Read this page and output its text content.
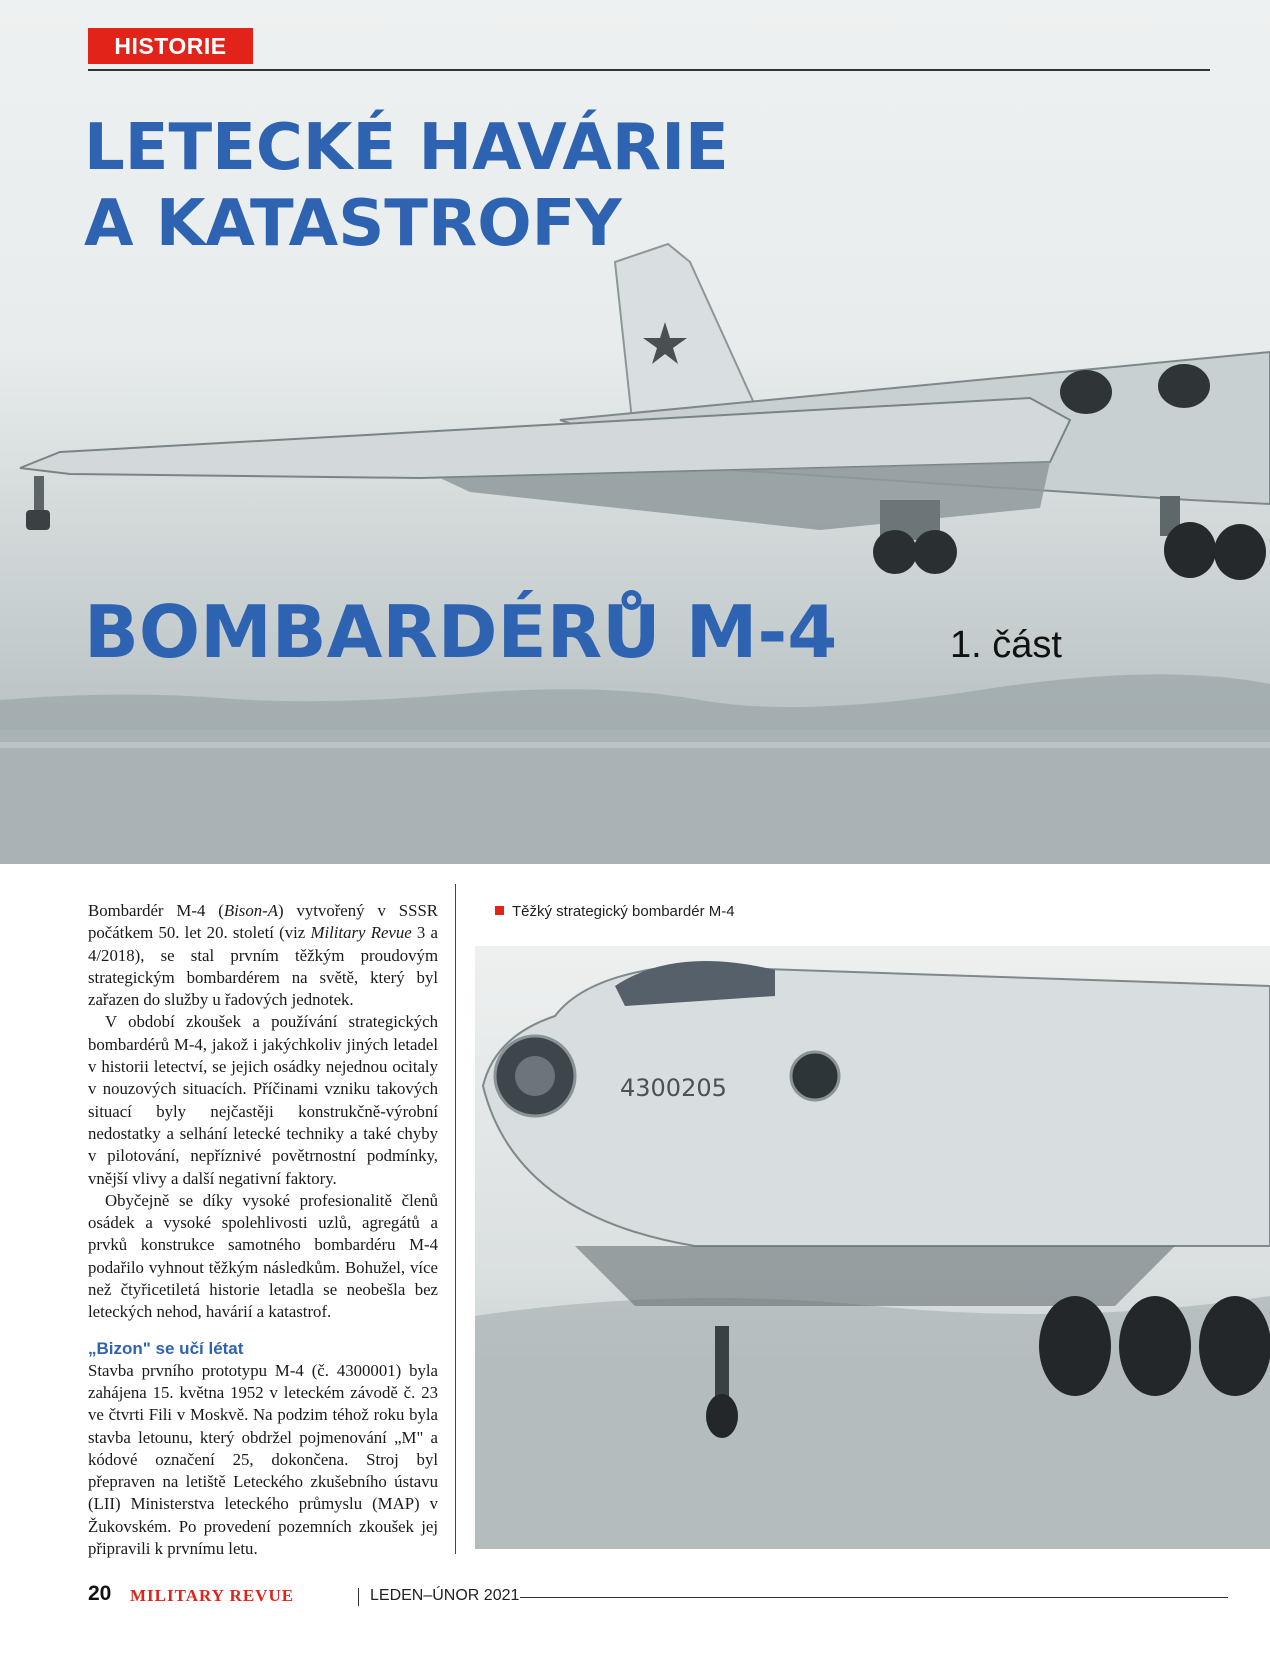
HISTORIE
LETECKÉ HAVÁRIE
A KATASTROFY
BOMBARDÉRŮ M-4	1. část

Bombardér M-4 (Bison-A) vytvořený v SSSR počátkem 50. let 20. století (viz Military Revue 3 a 4/2018), se stal prvním těžkým proudovým strategickým bombardérem na světě, který byl zařazen do služby u řadových jednotek.

V období zkoušek a používání strategických bombardérů M-4, jakož i jakýchkoliv jiných letadel v historii letectví, se jejich osádky nejednou ocitaly v nouzových situacích. Příčinami vzniku takových situací byly nejčastěji konstrukčně-výrobní nedostatky a selhání letecké techniky a také chyby v pilotování, nepříznivé povětrnostní podmínky, vnější vlivy a další negativní faktory.

Obyčejně se díky vysoké profesionalitě členů osádek a vysoké spolehlivosti uzlů, agregátů a prvků konstrukce samotného bombardéru M-4 podařilo vyhnout těžkým následkům. Bohužel, více než čtyřicetiletá historie letadla se neobešla bez leteckých nehod, havárií a katastrof.

„Bizon" se učí létat

Stavba prvního prototypu M-4 (č. 4300001) byla zahájena 15. května 1952 v leteckém závodě č. 23 ve čtvrti Fili v Moskvě. Na podzim téhož roku byla stavba letounu, který obdržel pojmenování „M" a kódové označení 25, dokončena. Stroj byl přepraven na letiště Leteckého zkušebního ústavu (LII) Ministerstva leteckého průmyslu (MAP) v Žukovském. Po provedení pozemních zkoušek jej připravili k prvnímu letu.

Těžký strategický bombardér M-4
4300205
20 MILITARY REVUE	LEDEN–ÚNOR 2021
